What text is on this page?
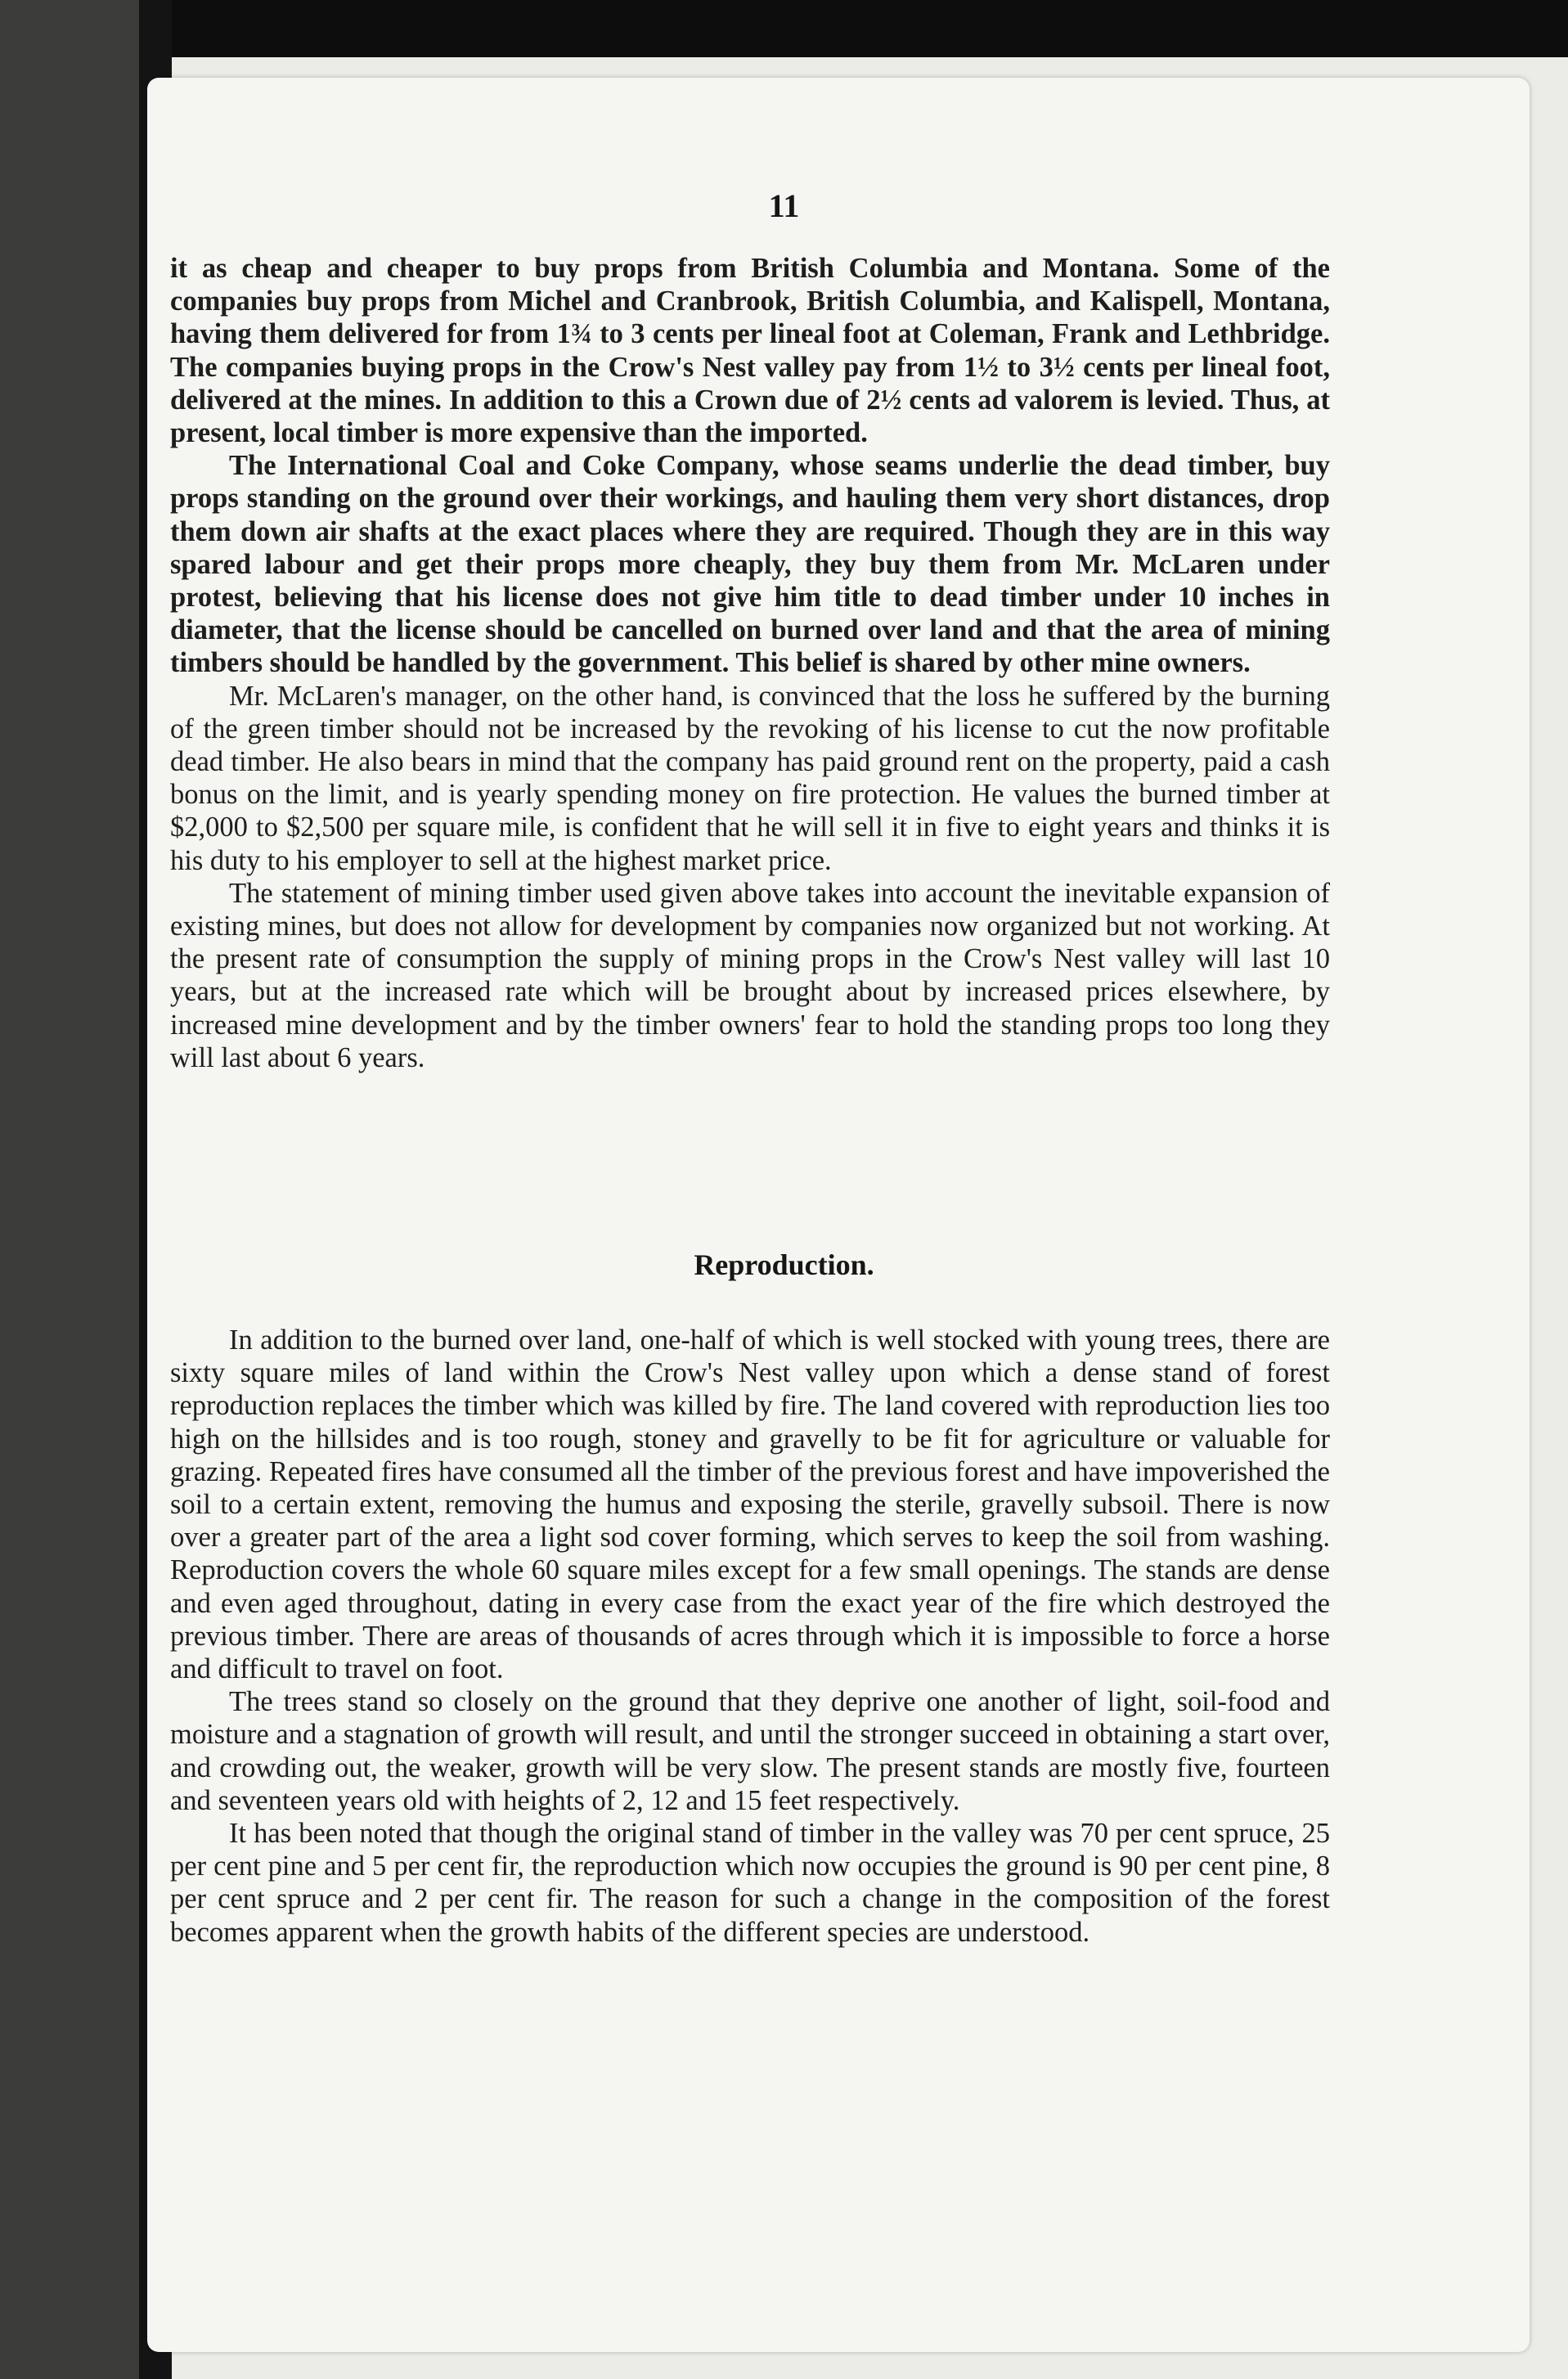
11

it as cheap and cheaper to buy props from British Columbia and Montana. Some of the companies buy props from Michel and Cranbrook, British Columbia, and Kalispell, Montana, having them delivered for from 1¾ to 3 cents per lineal foot at Coleman, Frank and Lethbridge. The companies buying props in the Crow's Nest valley pay from 1½ to 3½ cents per lineal foot, delivered at the mines. In addition to this a Crown due of 2½ cents ad valorem is levied. Thus, at present, local timber is more expensive than the imported.

The International Coal and Coke Company, whose seams underlie the dead timber, buy props standing on the ground over their workings, and hauling them very short distances, drop them down air shafts at the exact places where they are required. Though they are in this way spared labour and get their props more cheaply, they buy them from Mr. McLaren under protest, believing that his license does not give him title to dead timber under 10 inches in diameter, that the license should be cancelled on burned over land and that the area of mining timbers should be handled by the government. This belief is shared by other mine owners.

Mr. McLaren's manager, on the other hand, is convinced that the loss he suffered by the burning of the green timber should not be increased by the revoking of his license to cut the now profitable dead timber. He also bears in mind that the company has paid ground rent on the property, paid a cash bonus on the limit, and is yearly spending money on fire protection. He values the burned timber at $2,000 to $2,500 per square mile, is confident that he will sell it in five to eight years and thinks it is his duty to his employer to sell at the highest market price.

The statement of mining timber used given above takes into account the inevitable expansion of existing mines, but does not allow for development by companies now organized but not working. At the present rate of consumption the supply of mining props in the Crow's Nest valley will last 10 years, but at the increased rate which will be brought about by increased prices elsewhere, by increased mine development and by the timber owners' fear to hold the standing props too long they will last about 6 years.

Reproduction.

In addition to the burned over land, one-half of which is well stocked with young trees, there are sixty square miles of land within the Crow's Nest valley upon which a dense stand of forest reproduction replaces the timber which was killed by fire. The land covered with reproduction lies too high on the hillsides and is too rough, stoney and gravelly to be fit for agriculture or valuable for grazing. Repeated fires have consumed all the timber of the previous forest and have impoverished the soil to a certain extent, removing the humus and exposing the sterile, gravelly subsoil. There is now over a greater part of the area a light sod cover forming, which serves to keep the soil from washing. Reproduction covers the whole 60 square miles except for a few small openings. The stands are dense and even aged throughout, dating in every case from the exact year of the fire which destroyed the previous timber. There are areas of thousands of acres through which it is impossible to force a horse and difficult to travel on foot.

The trees stand so closely on the ground that they deprive one another of light, soil-food and moisture and a stagnation of growth will result, and until the stronger succeed in obtaining a start over, and crowding out, the weaker, growth will be very slow. The present stands are mostly five, fourteen and seventeen years old with heights of 2, 12 and 15 feet respectively.

It has been noted that though the original stand of timber in the valley was 70 per cent spruce, 25 per cent pine and 5 per cent fir, the reproduction which now occupies the ground is 90 per cent pine, 8 per cent spruce and 2 per cent fir. The reason for such a change in the composition of the forest becomes apparent when the growth habits of the different species are understood.
